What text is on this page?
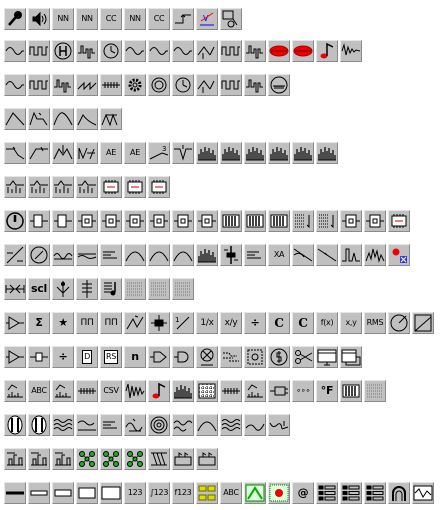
NN NN CC NN CC	V
AE AE	3
XA
scl
Σ ★ ΠΠ ΠΠ	1 1/x x/y ÷ C C f(x) x,y RMS
÷ D RS n
ABC	CSV	∘∘∘ °F
123 ∫123 f123	ABC	@
